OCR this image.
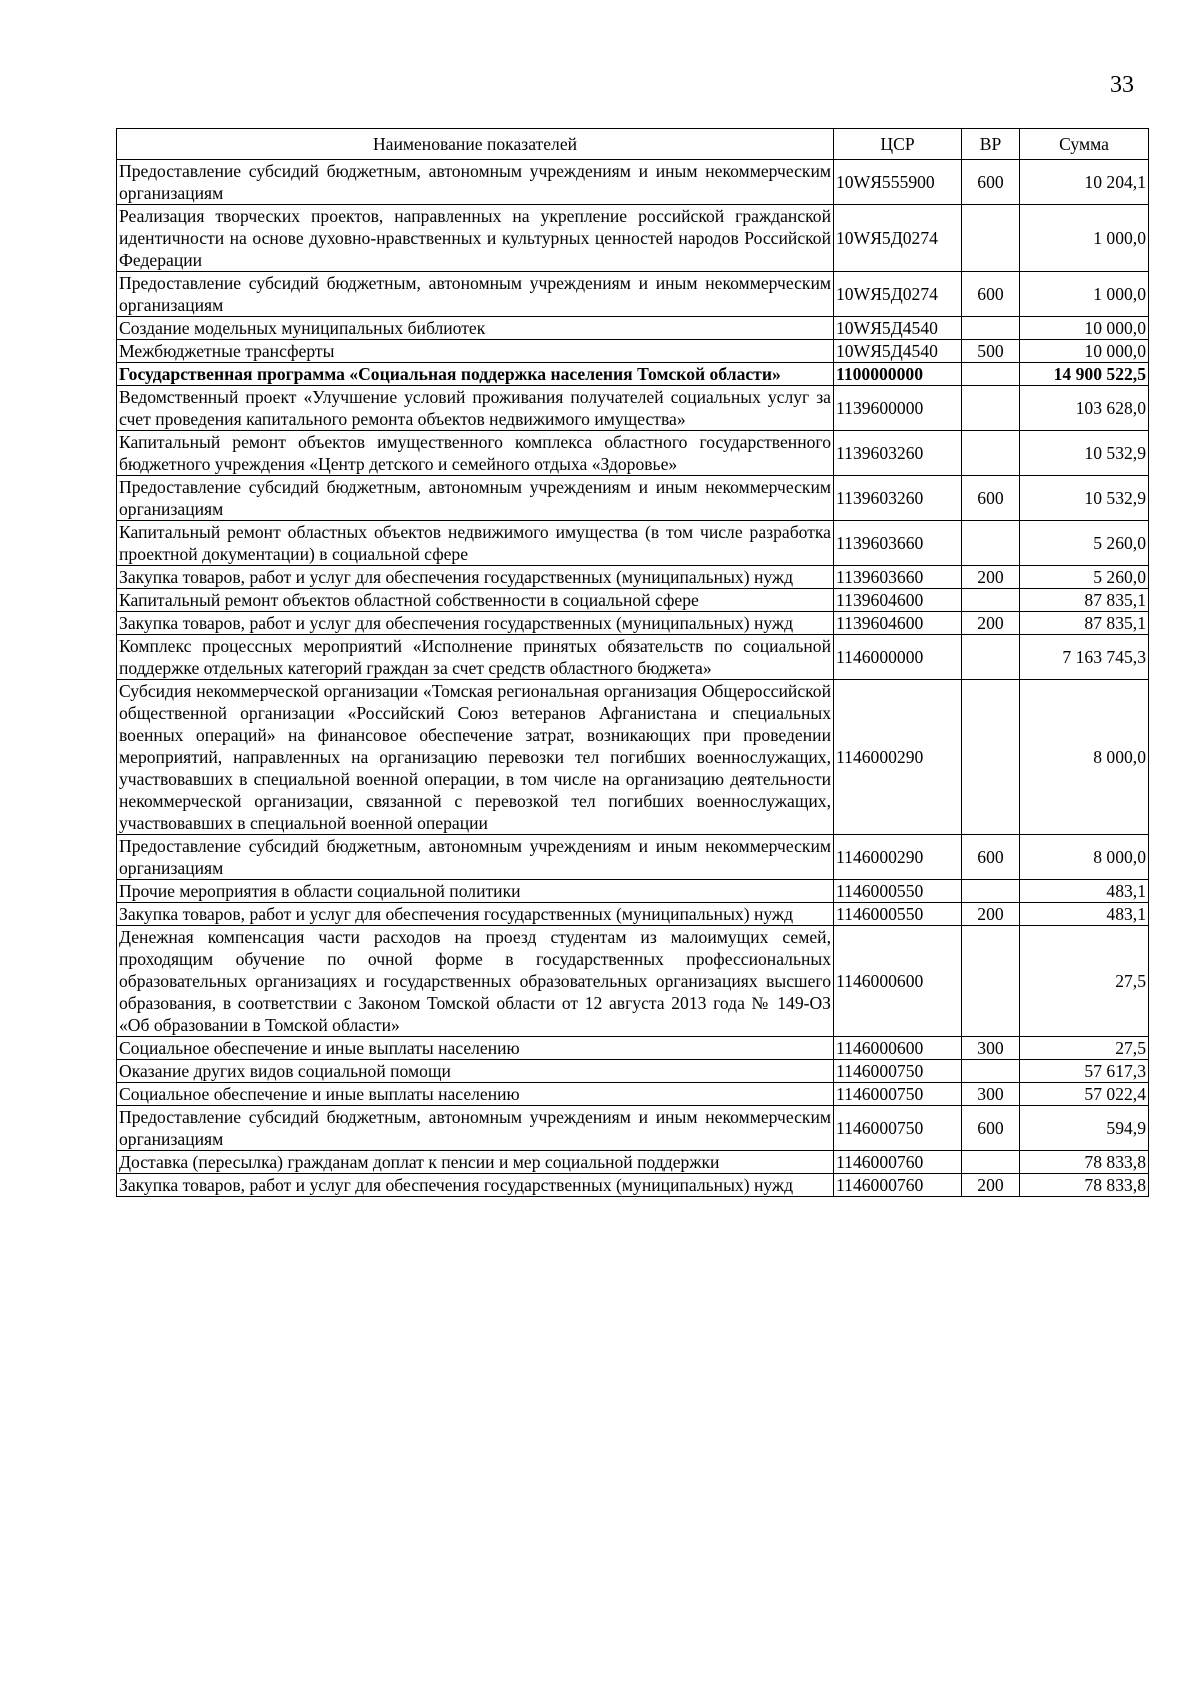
33
Наименование показателей	ЦСР	ВР	Сумма
Предоставление субсидий бюджетным, автономным учреждениям и иным некоммерческим организациям	10WЯ555900	600	10 204,1
Реализация творческих проектов, направленных на укрепление российской гражданской идентичности на основе духовно-нравственных и культурных ценностей народов Российской Федерации	10WЯ5Д0274		1 000,0
Предоставление субсидий бюджетным, автономным учреждениям и иным некоммерческим организациям	10WЯ5Д0274	600	1 000,0
Создание модельных муниципальных библиотек	10WЯ5Д4540		10 000,0
Межбюджетные трансферты	10WЯ5Д4540	500	10 000,0
Государственная программа «Социальная поддержка населения Томской области»	1100000000		14 900 522,5
Ведомственный проект «Улучшение условий проживания получателей социальных услуг за счет проведения капитального ремонта объектов недвижимого имущества»	1139600000		103 628,0
Капитальный ремонт объектов имущественного комплекса областного государственного бюджетного учреждения «Центр детского и семейного отдыха «Здоровье»	1139603260		10 532,9
Предоставление субсидий бюджетным, автономным учреждениям и иным некоммерческим организациям	1139603260	600	10 532,9
Капитальный ремонт областных объектов недвижимого имущества (в том числе разработка проектной документации) в социальной сфере	1139603660		5 260,0
Закупка товаров, работ и услуг для обеспечения государственных (муниципальных) нужд	1139603660	200	5 260,0
Капитальный ремонт объектов областной собственности в социальной сфере	1139604600		87 835,1
Закупка товаров, работ и услуг для обеспечения государственных (муниципальных) нужд	1139604600	200	87 835,1
Комплекс процессных мероприятий «Исполнение принятых обязательств по социальной поддержке отдельных категорий граждан за счет средств областного бюджета»	1146000000		7 163 745,3
Субсидия некоммерческой организации «Томская региональная организация Общероссийской общественной организации «Российский Союз ветеранов Афганистана и специальных военных операций» на финансовое обеспечение затрат, возникающих при проведении мероприятий, направленных на организацию перевозки тел погибших военнослужащих, участвовавших в специальной военной операции, в том числе на организацию деятельности некоммерческой организации, связанной с перевозкой тел погибших военнослужащих, участвовавших в специальной военной операции	1146000290		8 000,0
Предоставление субсидий бюджетным, автономным учреждениям и иным некоммерческим организациям	1146000290	600	8 000,0
Прочие мероприятия в области социальной политики	1146000550		483,1
Закупка товаров, работ и услуг для обеспечения государственных (муниципальных) нужд	1146000550	200	483,1
Денежная компенсация части расходов на проезд студентам из малоимущих семей, проходящим обучение по очной форме в государственных профессиональных образовательных организациях и государственных образовательных организациях высшего образования, в соответствии с Законом Томской области от 12 августа 2013 года № 149-ОЗ «Об образовании в Томской области»	1146000600		27,5
Социальное обеспечение и иные выплаты населению	1146000600	300	27,5
Оказание других видов социальной помощи	1146000750		57 617,3
Социальное обеспечение и иные выплаты населению	1146000750	300	57 022,4
Предоставление субсидий бюджетным, автономным учреждениям и иным некоммерческим организациям	1146000750	600	594,9
Доставка (пересылка) гражданам доплат к пенсии и мер социальной поддержки	1146000760		78 833,8
Закупка товаров, работ и услуг для обеспечения государственных (муниципальных) нужд	1146000760	200	78 833,8
